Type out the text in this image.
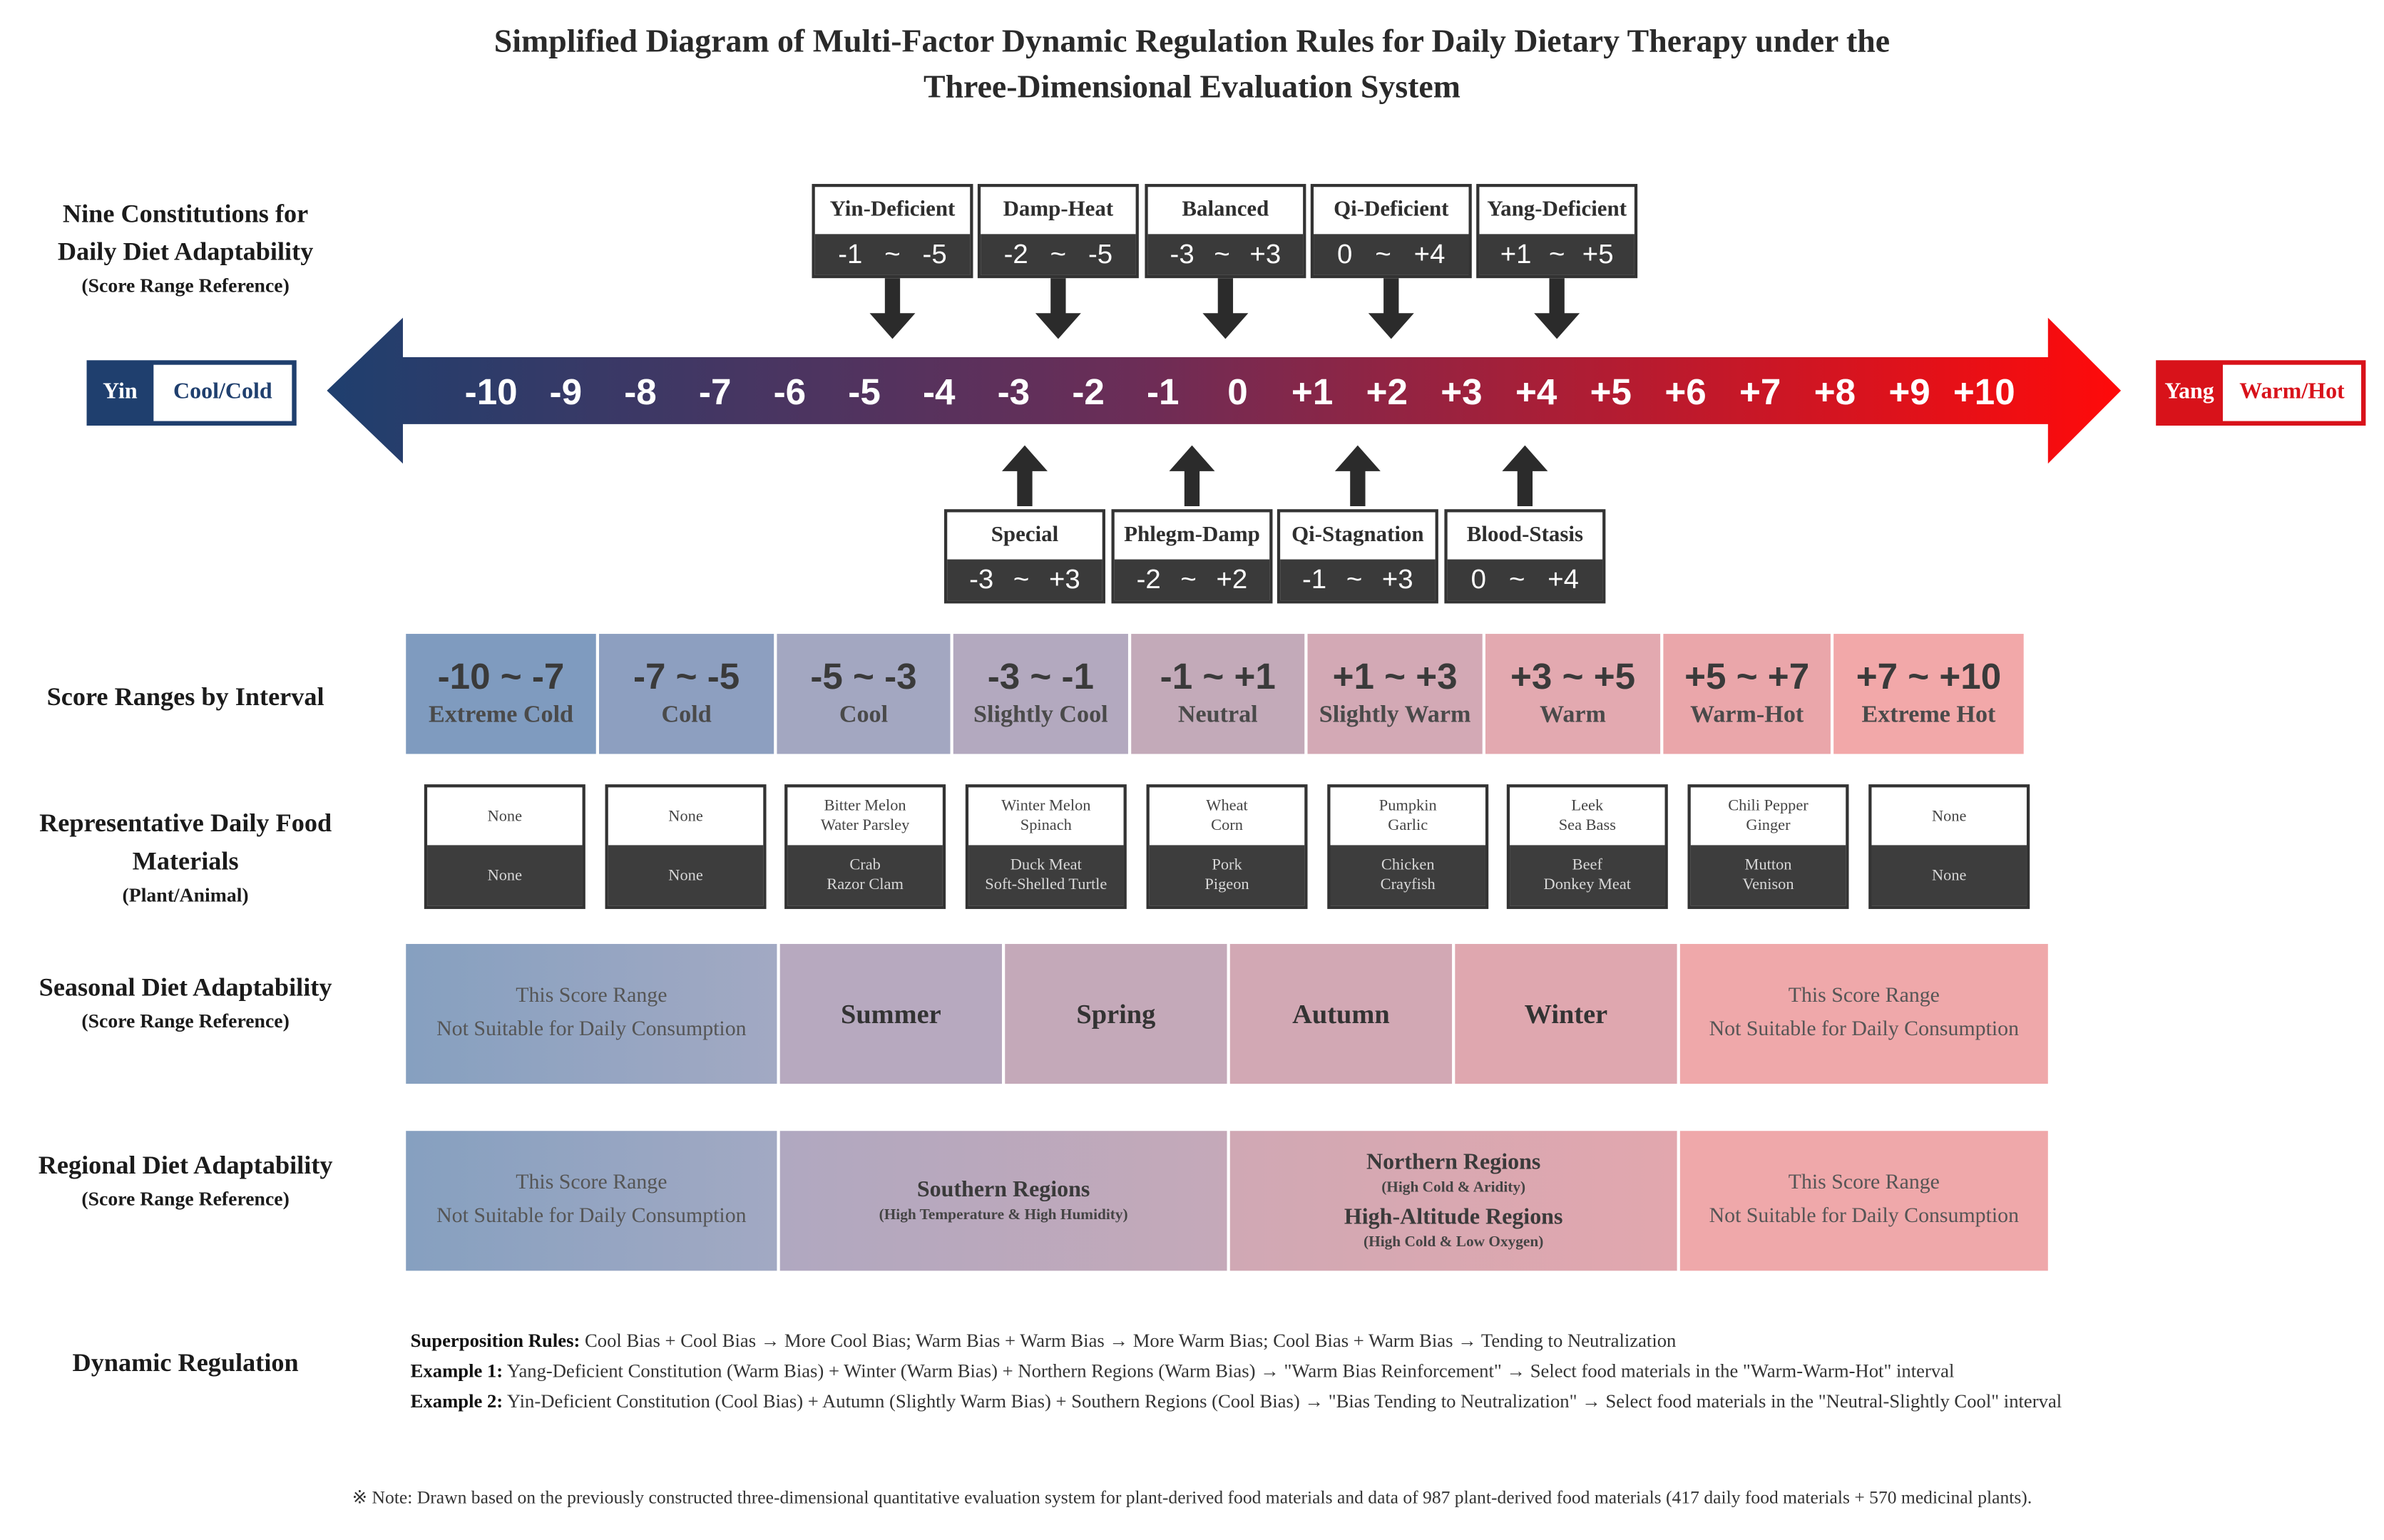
Simplified Diagram of Multi-Factor Dynamic Regulation Rules for Daily Dietary Therapy under the
Three-Dimensional Evaluation System
Nine Constitutions for
Daily Diet Adaptability
(Score Range Reference)
Score Ranges by Interval
Representative Daily Food
Materials
(Plant/Animal)
Seasonal Diet Adaptability
(Score Range Reference)
Regional Diet Adaptability
(Score Range Reference)
Dynamic Regulation
Yin	Cool/Cold	Yang	Warm/Hot
-10	-9	-8	-7	-6	-5	-4	-3	-2	-1	0	+1	+2	+3	+4	+5	+6	+7	+8	+9	+10
Yin-Deficient
-1 ~ -5
Damp-Heat
-2 ~ -5
Balanced
-3 ~ +3
Qi-Deficient
0 ~ +4
Yang-Deficient
+1 ~ +5
Special
-3 ~ +3
Phlegm-Damp
-2 ~ +2
Qi-Stagnation
-1 ~ +3
Blood-Stasis
0 ~ +4
-10 ~ -7
Extreme Cold
-7 ~ -5
Cold
-5 ~ -3
Cool
-3 ~ -1
Slightly Cool
-1 ~ +1
Neutral
+1 ~ +3
Slightly Warm
+3 ~ +5
Warm
+5 ~ +7
Warm-Hot
+7 ~ +10
Extreme Hot
None
None
None
None
Bitter Melon
Water Parsley
Crab
Razor Clam
Winter Melon
Spinach
Duck Meat
Soft-Shelled Turtle
Wheat
Corn
Pork
Pigeon
Pumpkin
Garlic
Chicken
Crayfish
Leek
Sea Bass
Beef
Donkey Meat
Chili Pepper
Ginger
Mutton
Venison
None
None
This Score Range
Not Suitable for Daily Consumption
Summer	Spring	Autumn	Winter
This Score Range
Not Suitable for Daily Consumption
This Score Range
Not Suitable for Daily Consumption
Southern Regions
(High Temperature & High Humidity)
Northern Regions
(High Cold & Aridity)
High-Altitude Regions
(High Cold & Low Oxygen)
This Score Range
Not Suitable for Daily Consumption
Superposition Rules: Cool Bias + Cool Bias → More Cool Bias; Warm Bias + Warm Bias → More Warm Bias; Cool Bias + Warm Bias → Tending to Neutralization
Example 1: Yang-Deficient Constitution (Warm Bias) + Winter (Warm Bias) + Northern Regions (Warm Bias) → "Warm Bias Reinforcement" → Select food materials in the "Warm-Warm-Hot" interval
Example 2: Yin-Deficient Constitution (Cool Bias) + Autumn (Slightly Warm Bias) + Southern Regions (Cool Bias) → "Bias Tending to Neutralization" → Select food materials in the "Neutral-Slightly Cool" interval
※ Note: Drawn based on the previously constructed three-dimensional quantitative evaluation system for plant-derived food materials and data of 987 plant-derived food materials (417 daily food materials + 570 medicinal plants).
